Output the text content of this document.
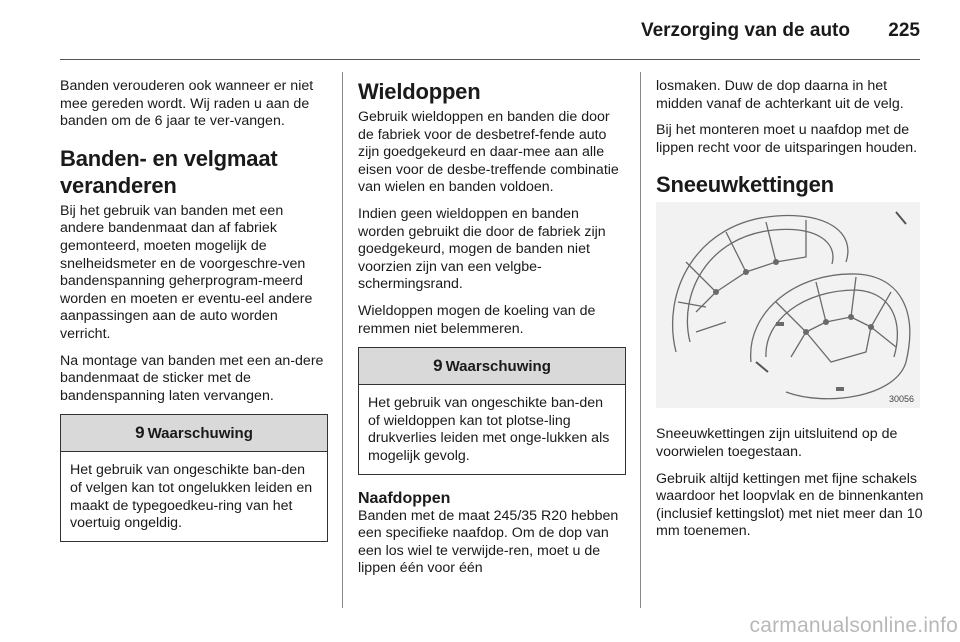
Verzorging van de auto	225

Banden verouderen ook wanneer er niet mee gereden wordt. Wij raden u aan de banden om de 6 jaar te ver-vangen.

Banden- en velgmaat veranderen

Bij het gebruik van banden met een andere bandenmaat dan af fabriek gemonteerd, moeten mogelijk de snelheidsmeter en de voorgeschre-ven bandenspanning geherprogram-meerd worden en moeten er eventu-eel andere aanpassingen aan de auto worden verricht.

Na montage van banden met een an-dere bandenmaat de sticker met de bandenspanning laten vervangen.

9 Waarschuwing

Het gebruik van ongeschikte ban-den of velgen kan tot ongelukken leiden en maakt de typegoedkeu-ring van het voertuig ongeldig.

Wieldoppen

Gebruik wieldoppen en banden die door de fabriek voor de desbetref-fende auto zijn goedgekeurd en daar-mee aan alle eisen voor de desbe-treffende combinatie van wielen en banden voldoen.

Indien geen wieldoppen en banden worden gebruikt die door de fabriek zijn goedgekeurd, mogen de banden niet voorzien zijn van een velgbe-schermingsrand.

Wieldoppen mogen de koeling van de remmen niet belemmeren.

9 Waarschuwing

Het gebruik van ongeschikte ban-den of wieldoppen kan tot plotse-ling drukverlies leiden met onge-lukken als mogelijk gevolg.

Naafdoppen

Banden met de maat 245/35 R20 hebben een specifieke naafdop. Om de dop van een los wiel te verwijde-ren, moet u de lippen één voor één

losmaken. Duw de dop daarna in het midden vanaf de achterkant uit de velg.

Bij het monteren moet u naafdop met de lippen recht voor de uitsparingen houden.

Sneeuwkettingen
30056

Sneeuwkettingen zijn uitsluitend op de voorwielen toegestaan.

Gebruik altijd kettingen met fijne schakels waardoor het loopvlak en de binnenkanten (inclusief kettingslot) met niet meer dan 10 mm toenemen.

carmanualsonline.info
